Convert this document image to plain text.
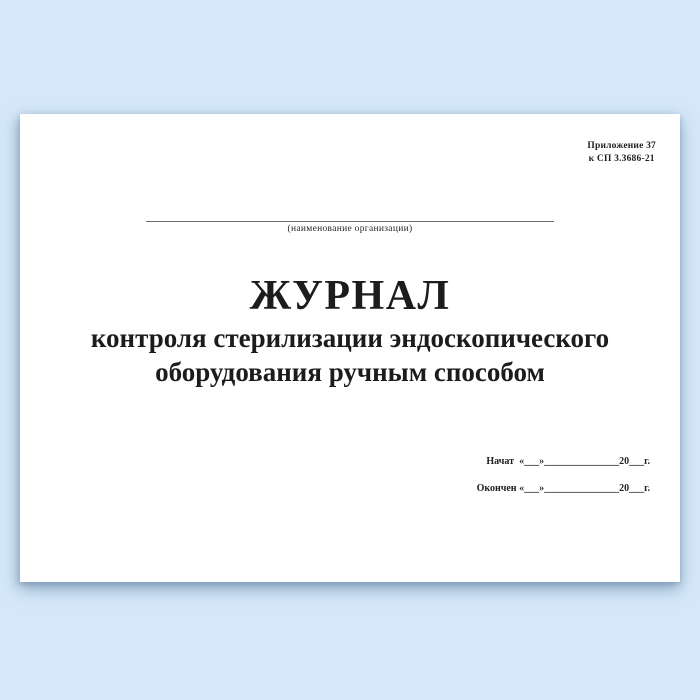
Приложение 37
к СП 3.3686-21
(наименование организации)
ЖУРНАЛ

контроля стерилизации эндоскопического

оборудования ручным способом

Начат  «___»_______________20___г.

Окончен «___»_______________20___г.
